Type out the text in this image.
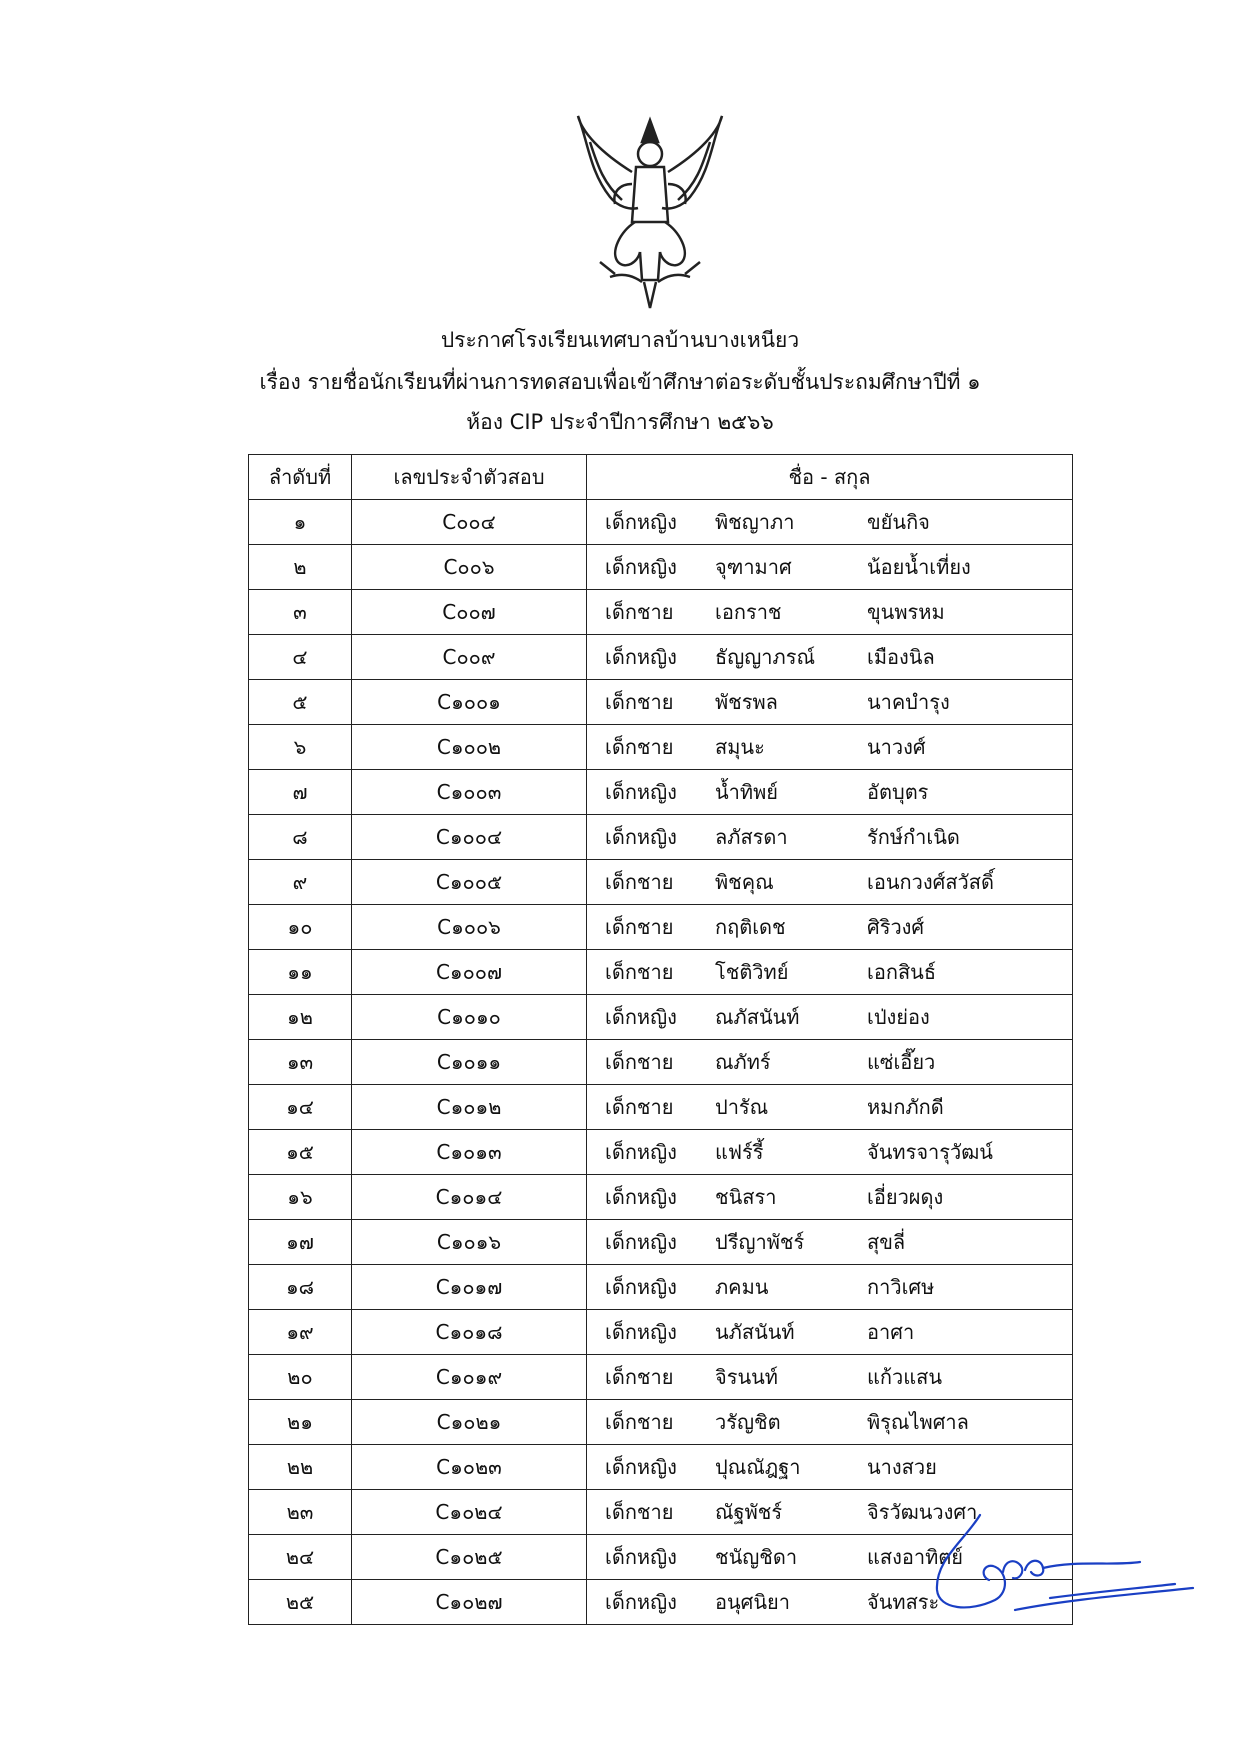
ประกาศโรงเรียนเทศบาลบ้านบางเหนียว
เรื่อง รายชื่อนักเรียนที่ผ่านการทดสอบเพื่อเข้าศึกษาต่อระดับชั้นประถมศึกษาปีที่ ๑
ห้อง CIP ประจำปีการศึกษา ๒๕๖๖
ลำดับที่	เลขประจำตัวสอบ	ชื่อ - สกุล
๑	C๐๐๔	เด็กหญิง พิชญาภา ขยันกิจ

๒	C๐๐๖	เด็กหญิง จุฑามาศ น้อยน้ำเที่ยง

๓	C๐๐๗	เด็กชาย เอกราช ขุนพรหม

๔	C๐๐๙	เด็กหญิง ธัญญาภรณ์ เมืองนิล

๕	C๑๐๐๑	เด็กชาย พัชรพล นาคบำรุง

๖	C๑๐๐๒	เด็กชาย สมุนะ นาวงศ์

๗	C๑๐๐๓	เด็กหญิง น้ำทิพย์ อัตบุตร

๘	C๑๐๐๔	เด็กหญิง ลภัสรดา รักษ์กำเนิด

๙	C๑๐๐๕	เด็กชาย พิชคุณ เอนกวงศ์สวัสดิ์

๑๐	C๑๐๐๖	เด็กชาย กฤติเดช ศิริวงศ์

๑๑	C๑๐๐๗	เด็กชาย โชติวิทย์ เอกสินธ์

๑๒	C๑๐๑๐	เด็กหญิง ณภัสนันท์ เป่งย่อง

๑๓	C๑๐๑๑	เด็กชาย ณภัทร์ แซ่เอี๊ยว

๑๔	C๑๐๑๒	เด็กชาย ปารัณ หมกภักดี

๑๕	C๑๐๑๓	เด็กหญิง แฟร์รี้ จันทรจารุวัฒน์

๑๖	C๑๐๑๔	เด็กหญิง ชนิสรา เอี่ยวผดุง

๑๗	C๑๐๑๖	เด็กหญิง ปรีญาพัชร์ สุขลี่

๑๘	C๑๐๑๗	เด็กหญิง ภคมน กาวิเศษ

๑๙	C๑๐๑๘	เด็กหญิง นภัสนันท์ อาศา

๒๐	C๑๐๑๙	เด็กชาย จิรนนท์ แก้วแสน

๒๑	C๑๐๒๑	เด็กชาย วรัญชิต พิรุณไพศาล

๒๒	C๑๐๒๓	เด็กหญิง ปุณณัฎฐา นางสวย

๒๓	C๑๐๒๔	เด็กชาย ณัฐพัชร์ จิรวัฒนวงศา

๒๔	C๑๐๒๕	เด็กหญิง ชนัญชิดา แสงอาทิตย์

๒๕	C๑๐๒๗	เด็กหญิง อนุศนิยา จันทสระ
